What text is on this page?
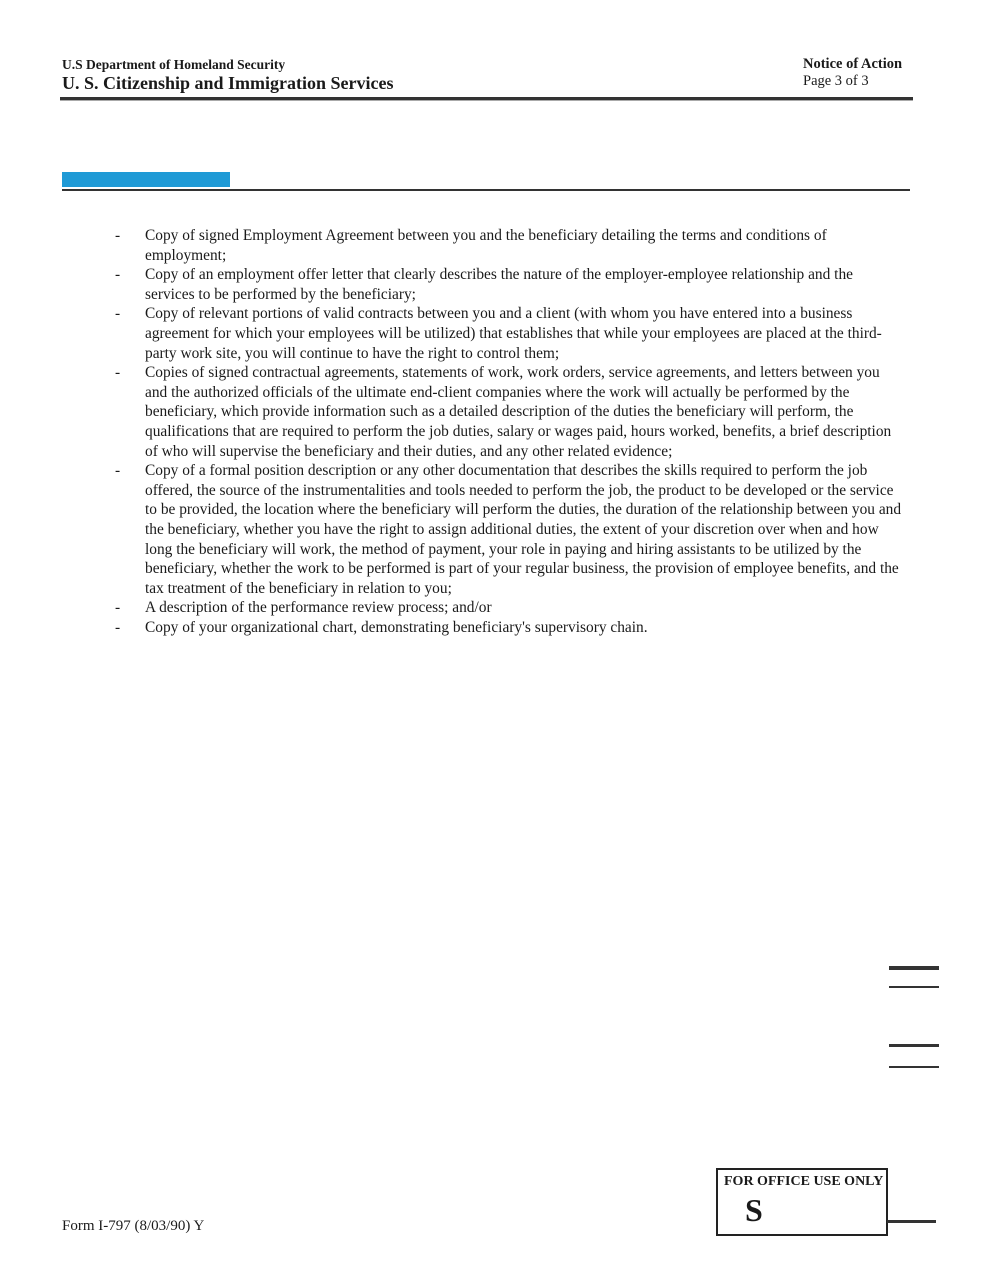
U.S Department of Homeland Security
U. S. Citizenship and Immigration Services
Notice of Action
Page 3 of 3
- Copy of signed Employment Agreement between you and the beneficiary detailing the terms and conditions of employment;
- Copy of an employment offer letter that clearly describes the nature of the employer-employee relationship and the services to be performed by the beneficiary;
- Copy of relevant portions of valid contracts between you and a client (with whom you have entered into a business agreement for which your employees will be utilized) that establishes that while your employees are placed at the third-party work site, you will continue to have the right to control them;
- Copies of signed contractual agreements, statements of work, work orders, service agreements, and letters between you and the authorized officials of the ultimate end-client companies where the work will actually be performed by the beneficiary, which provide information such as a detailed description of the duties the beneficiary will perform, the qualifications that are required to perform the job duties, salary or wages paid, hours worked, benefits, a brief description of who will supervise the beneficiary and their duties, and any other related evidence;
- Copy of a formal position description or any other documentation that describes the skills required to perform the job offered, the source of the instrumentalities and tools needed to perform the job, the product to be developed or the service to be provided, the location where the beneficiary will perform the duties, the duration of the relationship between you and the beneficiary, whether you have the right to assign additional duties, the extent of your discretion over when and how long the beneficiary will work, the method of payment, your role in paying and hiring assistants to be utilized by the beneficiary, whether the work to be performed is part of your regular business, the provision of employee benefits, and the tax treatment of the beneficiary in relation to you;
- A description of the performance review process; and/or
- Copy of your organizational chart, demonstrating beneficiary's supervisory chain.
FOR OFFICE USE ONLY
S
Form I-797 (8/03/90) Y
